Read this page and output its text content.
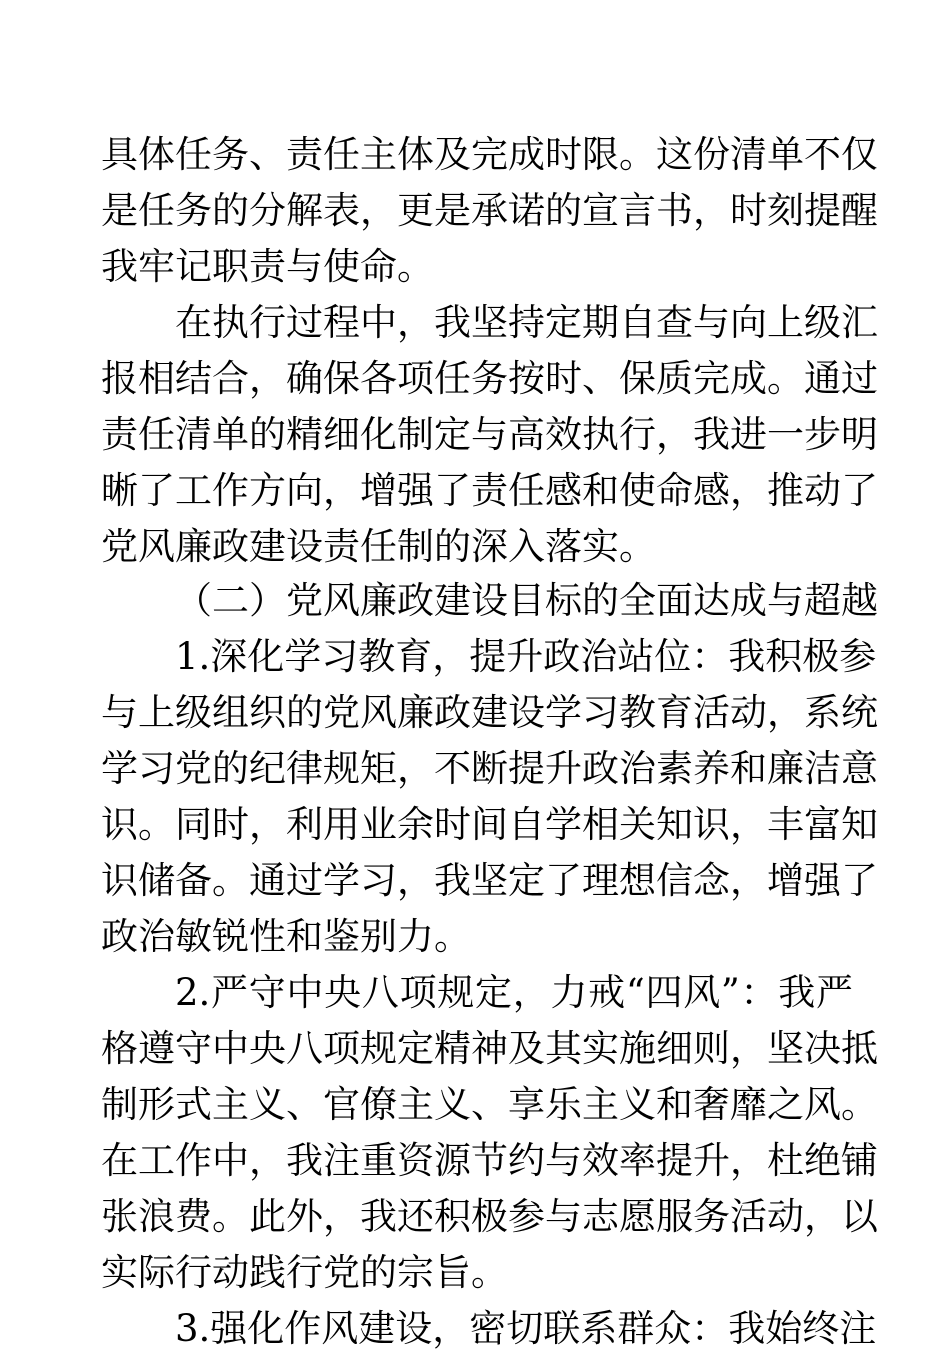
具体任务、责任主体及完成时限。这份清单不仅
是任务的分解表，更是承诺的宣言书，时刻提醒
我牢记职责与使命。
在执行过程中，我坚持定期自查与向上级汇
报相结合，确保各项任务按时、保质完成。通过
责任清单的精细化制定与高效执行，我进一步明
晰了工作方向，增强了责任感和使命感，推动了
党风廉政建设责任制的深入落实。
（二）党风廉政建设目标的全面达成与超越
1.深化学习教育，提升政治站位：我积极参
与上级组织的党风廉政建设学习教育活动，系统
学习党的纪律规矩，不断提升政治素养和廉洁意
识。同时，利用业余时间自学相关知识，丰富知
识储备。通过学习，我坚定了理想信念，增强了
政治敏锐性和鉴别力。
2.严守中央八项规定，力戒“四风”：我严
格遵守中央八项规定精神及其实施细则，坚决抵
制形式主义、官僚主义、享乐主义和奢靡之风。
在工作中，我注重资源节约与效率提升，杜绝铺
张浪费。此外，我还积极参与志愿服务活动，以
实际行动践行党的宗旨。
3.强化作风建设，密切联系群众：我始终注
